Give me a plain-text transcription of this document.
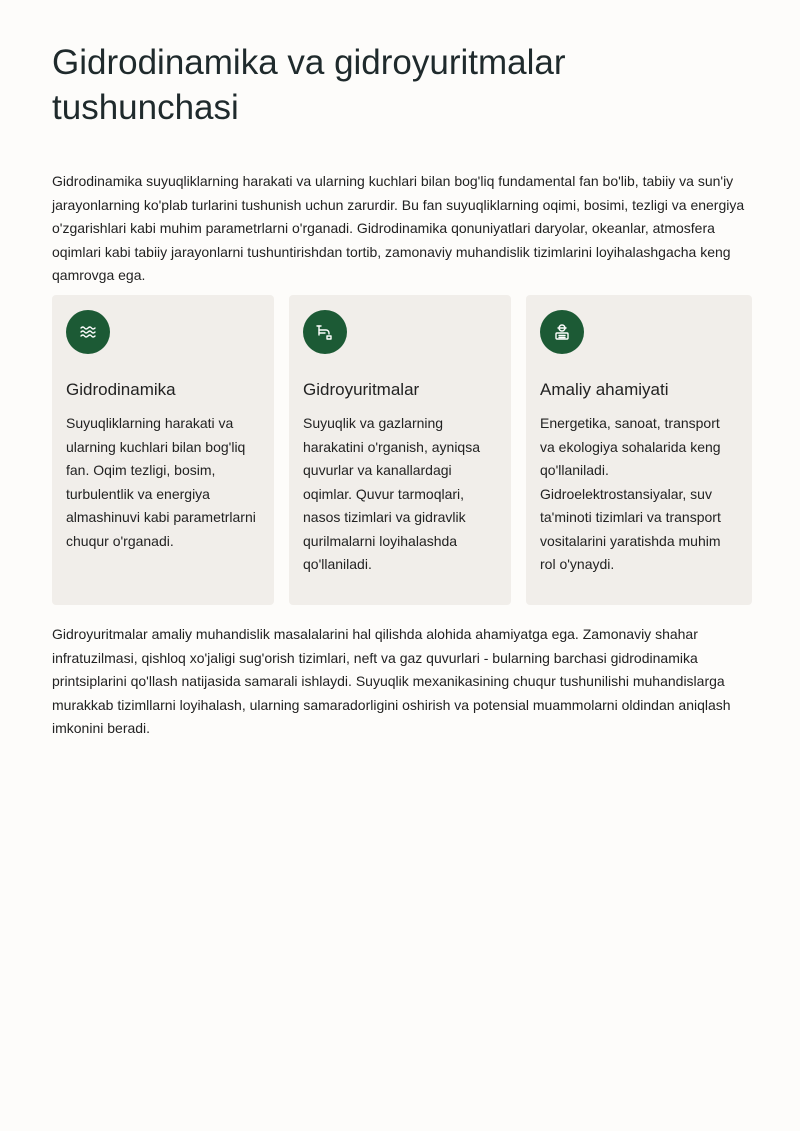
Gidrodinamika va gidroyuritmalar tushunchasi

Gidrodinamika suyuqliklarning harakati va ularning kuchlari bilan bog'liq fundamental fan bo'lib, tabiiy va sun'iy jarayonlarning ko'plab turlarini tushunish uchun zarurdir. Bu fan suyuqliklarning oqimi, bosimi, tezligi va energiya o'zgarishlari kabi muhim parametrlarni o'rganadi. Gidrodinamika qonuniyatlari daryolar, okeanlar, atmosfera oqimlari kabi tabiiy jarayonlarni tushuntirishdan tortib, zamonaviy muhandislik tizimlarini loyihalashgacha keng qamrovga ega.

Gidrodinamika

Suyuqliklarning harakati va ularning kuchlari bilan bog'liq fan. Oqim tezligi, bosim, turbulentlik va energiya almashinuvi kabi parametrlarni chuqur o'rganadi.

Gidroyuritmalar

Suyuqlik va gazlarning harakatini o'rganish, ayniqsa quvurlar va kanallardagi oqimlar. Quvur tarmoqlari, nasos tizimlari va gidravlik qurilmalarni loyihalashda qo'llaniladi.

Amaliy ahamiyati

Energetika, sanoat, transport va ekologiya sohalarida keng qo'llaniladi. Gidroelektrostansiyalar, suv ta'minoti tizimlari va transport vositalarini yaratishda muhim rol o'ynaydi.

Gidroyuritmalar amaliy muhandislik masalalarini hal qilishda alohida ahamiyatga ega. Zamonaviy shahar infratuzilmasi, qishloq xo'jaligi sug'orish tizimlari, neft va gaz quvurlari - bularning barchasi gidrodinamika printsiplarini qo'llash natijasida samarali ishlaydi. Suyuqlik mexanikasining chuqur tushunilishi muhandislarga murakkab tizimllarni loyihalash, ularning samaradorligini oshirish va potensial muammolarni oldindan aniqlash imkonini beradi.
